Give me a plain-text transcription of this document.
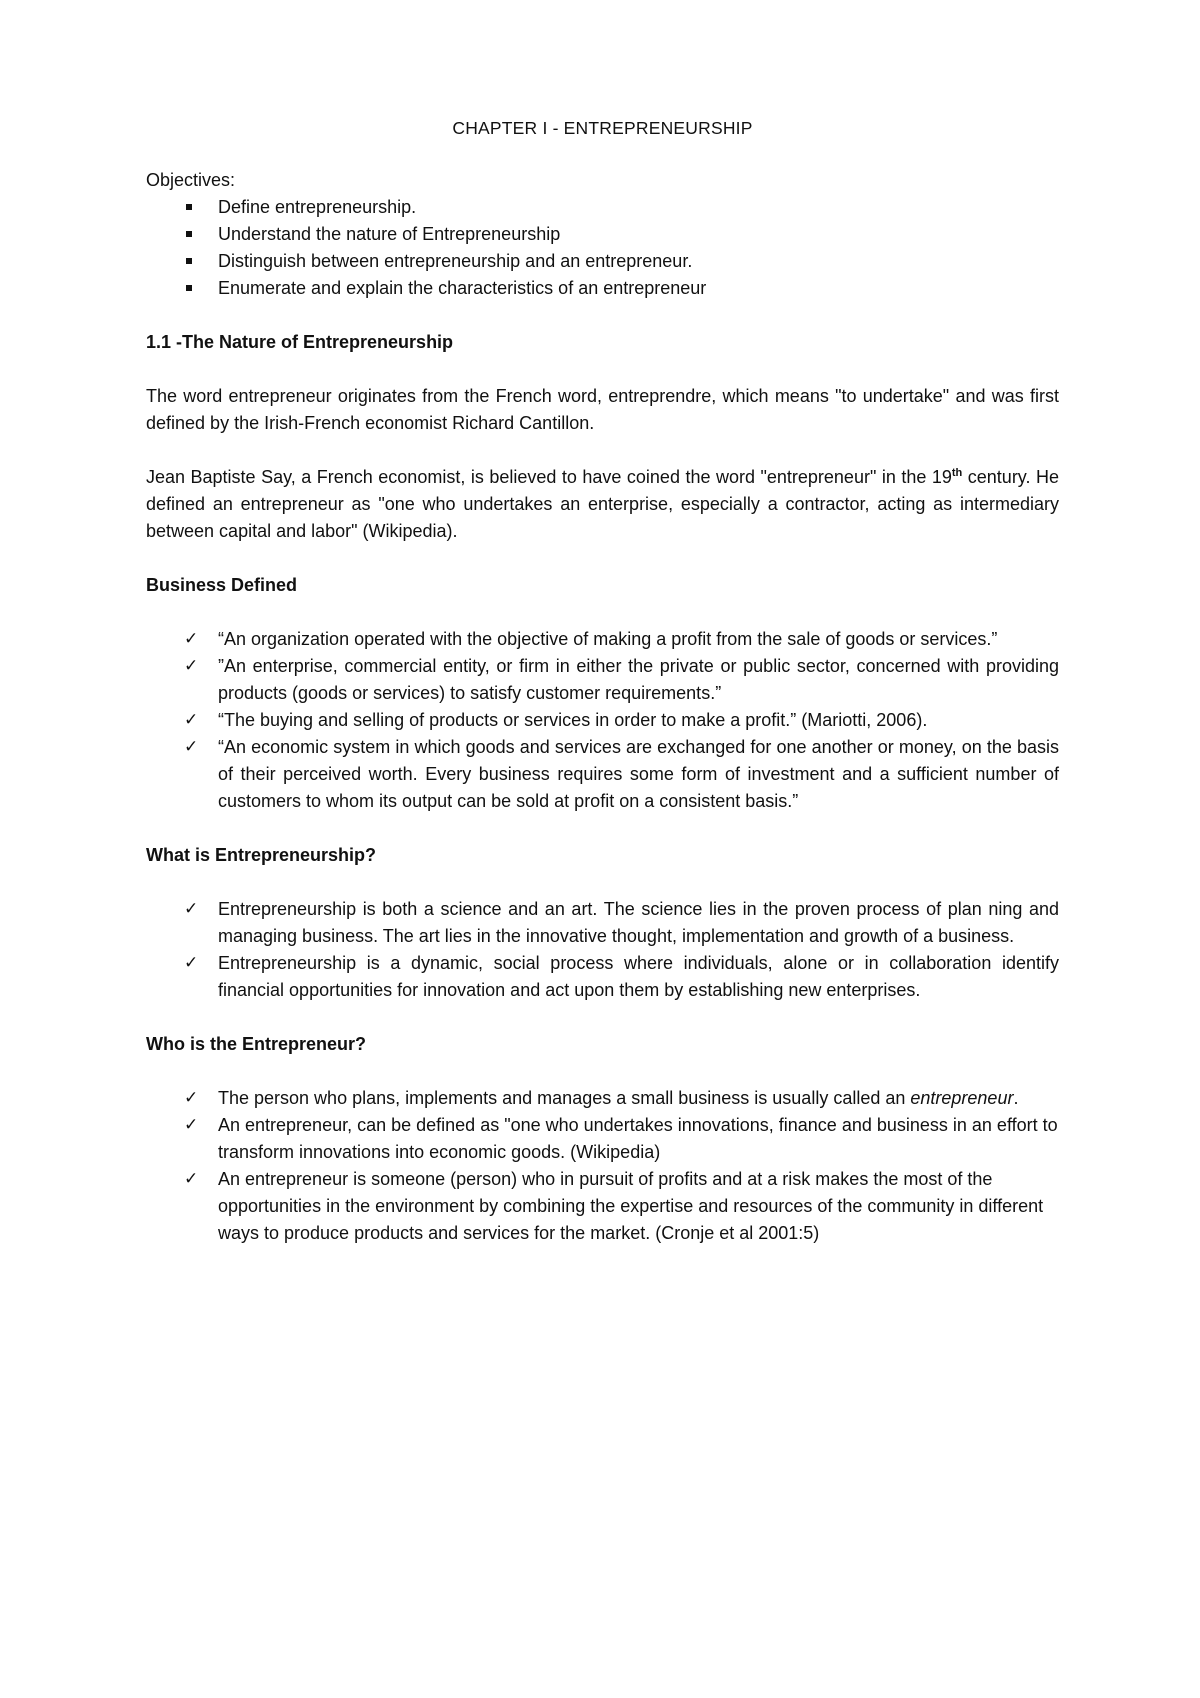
CHAPTER I - ENTREPRENEURSHIP

Objectives:

Define entrepreneurship.
Understand the nature of Entrepreneurship
Distinguish between entrepreneurship and an entrepreneur.
Enumerate and explain the characteristics of an entrepreneur

1.1 -The Nature of Entrepreneurship

The word entrepreneur originates from the French word, entreprendre, which means "to undertake" and was first defined by the Irish-French economist Richard Cantillon.

Jean Baptiste Say, a French economist, is believed to have coined the word "entrepreneur" in the 19th century. He defined an entrepreneur as "one who undertakes an enterprise, especially a contractor, acting as intermediary between capital and labor" (Wikipedia).

Business Defined

✓ “An organization operated with the objective of making a profit from the sale of goods or services.”
✓ ”An enterprise, commercial entity, or firm in either the private or public sector, concerned with providing products (goods or services) to satisfy customer requirements.”
✓ “The buying and selling of products or services in order to make a profit.” (Mariotti, 2006).
✓ “An economic system in which goods and services are exchanged for one another or money, on the basis of their perceived worth. Every business requires some form of investment and a sufficient number of customers to whom its output can be sold at profit on a consistent basis.”

What is Entrepreneurship?

✓ Entrepreneurship is both a science and an art. The science lies in the proven process of plan ning and managing business. The art lies in the innovative thought, implementation and growth of a business.
✓ Entrepreneurship is a dynamic, social process where individuals, alone or in collaboration identify financial opportunities for innovation and act upon them by establishing new enterprises.

Who is the Entrepreneur?

✓ The person who plans, implements and manages a small business is usually called an entrepreneur.
✓ An entrepreneur, can be defined as "one who undertakes innovations, finance and business in an effort to transform innovations into economic goods. (Wikipedia)
✓ An entrepreneur is someone (person) who in pursuit of profits and at a risk makes the most of the opportunities in the environment by combining the expertise and resources of the community in different ways to produce products and services for the market. (Cronje et al 2001:5)
